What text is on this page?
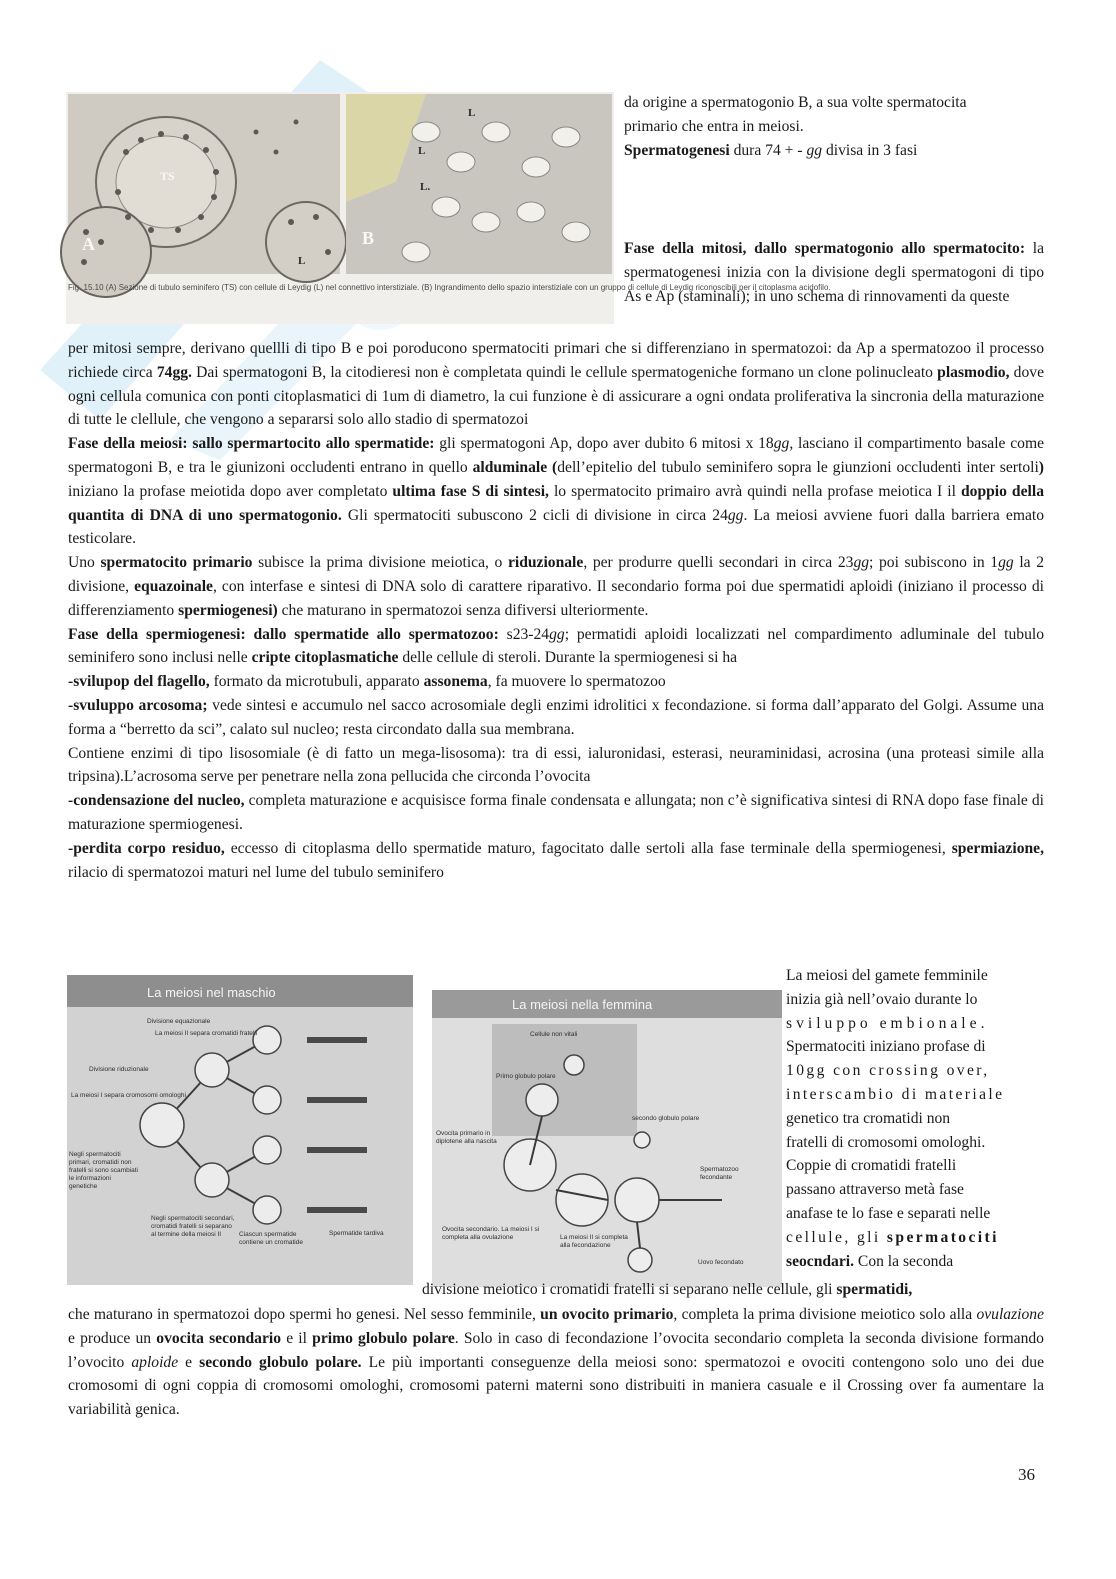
TS
A	B
L
L
L.
L
Fig. 15.10 (A) Sezione di tubulo seminifero (TS) con cellule di Leydig (L) nel connettivo interstiziale. (B) Ingrandimento dello spazio interstiziale con un gruppo di cellule di Leydig riconoscibili per il citoplasma acidofilo.

da origine a spermatogonio B, a sua volte spermatocita

primario che entra in meiosi.

Spermatogenesi dura 74 + - gg divisa in 3 fasi

Fase della mitosi, dallo spermatogonio allo spermatocito: la spermatogenesi inizia con la divisione degli spermatogoni di tipo As e Ap (staminali); in uno schema di rinnovamenti da queste

per mitosi sempre, derivano quellli di tipo B e poi poroducono spermatociti primari che si differenziano in spermatozoi: da Ap a spermatozoo il processo richiede circa 74gg. Dai spermatogoni B, la citodieresi non è completata quindi le cellule spermatogeniche formano un clone polinucleato plasmodio, dove ogni cellula comunica con ponti citoplasmatici di 1um di diametro, la cui funzione è di assicurare a ogni ondata proliferativa la sincronia della maturazione di tutte le clellule, che vengono a separarsi solo allo stadio di spermatozoi

Fase della meiosi: sallo spermartocito allo spermatide: gli spermatogoni Ap, dopo aver dubito 6 mitosi x 18gg, lasciano il compartimento basale come spermatogoni B, e tra le giunizoni occludenti entrano in quello alduminale (dell’epitelio del tubulo seminifero sopra le giunzioni occludenti inter sertoli) iniziano la profase meiotida dopo aver completato ultima fase S di sintesi, lo spermatocito primairo avrà quindi nella profase meiotica I il doppio della quantita di DNA di uno spermatogonio. Gli spermatociti subuscono 2 cicli di divisione in circa 24gg. La meiosi avviene fuori dalla barriera emato testicolare.

Uno spermatocito primario subisce la prima divisione meiotica, o riduzionale, per produrre quelli secondari in circa 23gg; poi subiscono in 1gg la 2 divisione, equazoinale, con interfase e sintesi di DNA solo di carattere riparativo. Il secondario forma poi due spermatidi aploidi (iniziano il processo di differenziamento spermiogenesi) che maturano in spermatozoi senza difiversi ulteriormente.

Fase della spermiogenesi: dallo spermatide allo spermatozoo: s23-24gg; permatidi aploidi localizzati nel compardimento adluminale del tubulo seminifero sono inclusi nelle cripte citoplasmatiche delle cellule di steroli. Durante la spermiogenesi si ha

-svilupop del flagello, formato da microtubuli, apparato assonema, fa muovere lo spermatozoo

-svuluppo arcosoma; vede sintesi e accumulo nel sacco acrosomiale degli enzimi idrolitici x fecondazione. si forma dall’apparato del Golgi. Assume una forma a “berretto da sci”, calato sul nucleo; resta circondato dalla sua membrana.

Contiene enzimi di tipo lisosomiale (è di fatto un mega-lisosoma): tra di essi, ialuronidasi, esterasi, neuraminidasi, acrosina (una proteasi simile alla tripsina).L’acrosoma serve per penetrare nella zona pellucida che circonda l’ovocita

-condensazione del nucleo, completa maturazione e acquisisce forma finale condensata e allungata; non c’è significativa sintesi di RNA dopo fase finale di maturazione spermiogenesi.

-perdita corpo residuo, eccesso di citoplasma dello spermatide maturo, fagocitato dalle sertoli alla fase terminale della spermiogenesi, spermiazione, rilacio di spermatozoi maturi nel lume del tubulo seminifero

La meiosi nel maschio
Divisione equazionale
La meiosi II separa cromatidi fratelli
Divisione riduzionale
La meiosi I separa cromosomi omologhi
Negli spermatociti primari, cromatidi non fratelli si sono scambiati le informazioni genetiche
Negli spermatociti secondari, cromatidi fratelli si separano al termine della meiosi II	Ciascun spermatide contiene un cromatide
Spermatide tardiva
La meiosi nella femmina
Cellule non vitali
Primo globulo polare
secondo globulo polare
Ovocita primario in diplotene alla nascita
Ovocita secondario. La meiosi I si completa alla ovulazione	La meiosi II si completa alla fecondazione
Spermatozoo fecondante
Uovo fecondato

La meiosi del gamete femminile

inizia già nell’ovaio durante lo

sviluppo embionale.

Spermatociti iniziano profase di

10gg con crossing over,

interscambio di materiale

genetico tra cromatidi non

fratelli di cromosomi omologhi.

Coppie di cromatidi fratelli

passano attraverso metà fase

anafase te lo fase e separati nelle

cellule, gli spermatociti

seocndari. Con la seconda

divisione meiotico i cromatidi fratelli si separano nelle cellule, gli spermatidi,

che maturano in spermatozoi dopo spermi ho genesi. Nel sesso femminile, un ovocito primario, completa la prima divisione meiotico solo alla ovulazione e produce un ovocita secondario e il primo globulo polare. Solo in caso di fecondazione l’ovocita secondario completa la seconda divisione formando l’ovocito aploide e secondo globulo polare. Le più importanti conseguenze della meiosi sono: spermatozoi e ovociti contengono solo uno dei due cromosomi di ogni coppia di cromosomi omologhi, cromosomi paterni materni sono distribuiti in maniera casuale e il Crossing over fa aumentare la variabilità genica.

36
